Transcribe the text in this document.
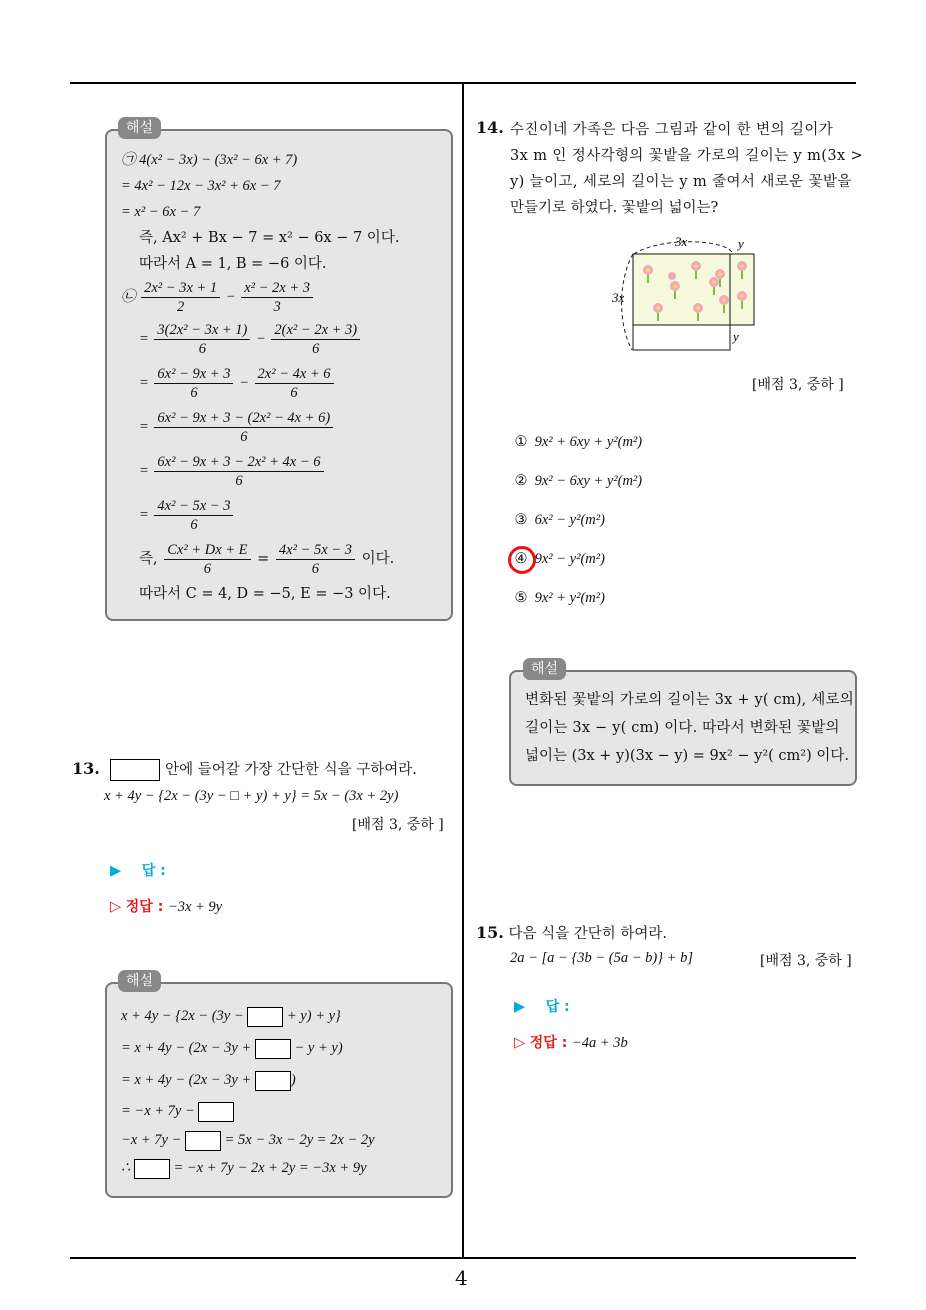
4
㉠ 4(x² − 3x) − (3x² − 6x + 7)
= 4x² − 12x − 3x² + 6x − 7
= x² − 6x − 7
즉, Ax² + Bx − 7 = x² − 6x − 7 이다.
따라서 A = 1, B = −6 이다.
㉡ $\frac{\text{2x² − 3x + 1}}{2} - \frac{\text{x² − 2x + 3}}{3}$
= $\frac{\text{3(2x² − 3x + 1)}}{6} - \frac{\text{2(x² − 2x + 3)}}{6}$
= $\frac{\text{6x² − 9x + 3}}{6} - \frac{\text{2x² − 4x + 6}}{6}$
= $\frac{\text{6x² − 9x + 3 − (2x² − 4x + 6)}}{6}$
= $\frac{\text{6x² − 9x + 3 − 2x² + 4x − 6}}{6}$
= $\frac{\text{4x² − 5x − 3}}{6}$
즉, $\frac{\text{Cx² + Dx + E}}{6} = \frac{\text{4x² − 5x − 3}}{6}$ 이다.
따라서 C = 4, D = −5, E = −3 이다.
해설
13.	안에 들어갈 가장 간단한 식을 구하여라.
x + 4y − {2x − (3y − □ + y) + y} = 5x − (3x + 2y)
[배점 3, 중하 ]
▶ 답 :
▷ 정답 : −3x + 9y
x + 4y − {2x − (3y −	+ y) + y}
= x + 4y − (2x − 3y +	− y + y)
= x + 4y − (2x − 3y +	)
= −x + 7y −
−x + 7y −	= 5x − 3x − 2y = 2x − 2y
∴	= −x + 7y − 2x + 2y = −3x + 9y
해설
14. 수진이네 가족은 다음 그림과 같이 한 변의 길이가
3x m 인 정사각형의 꽃밭을 가로의 길이는 y m(3x >
y) 늘이고, 세로의 길이는 y m 줄여서 새로운 꽃밭을
만들기로 하였다. 꽃밭의 넓이는?
3x	y
3x
y
[배점 3, 중하 ]
① 9x² + 6xy + y²(m²)
② 9x² − 6xy + y²(m²)
③ 6x² − y²(m²)
④ 9x² − y²(m²)
⑤ 9x² + y²(m²)
변화된 꽃밭의 가로의 길이는 3x + y( cm), 세로의
길이는 3x − y( cm) 이다. 따라서 변화된 꽃밭의
넓이는 (3x + y)(3x − y) = 9x² − y²( cm²) 이다.
해설
15. 다음 식을 간단히 하여라.
2a − [a − {3b − (5a − b)} + b]	[배점 3, 중하 ]
▶ 답 :
▷ 정답 : −4a + 3b
